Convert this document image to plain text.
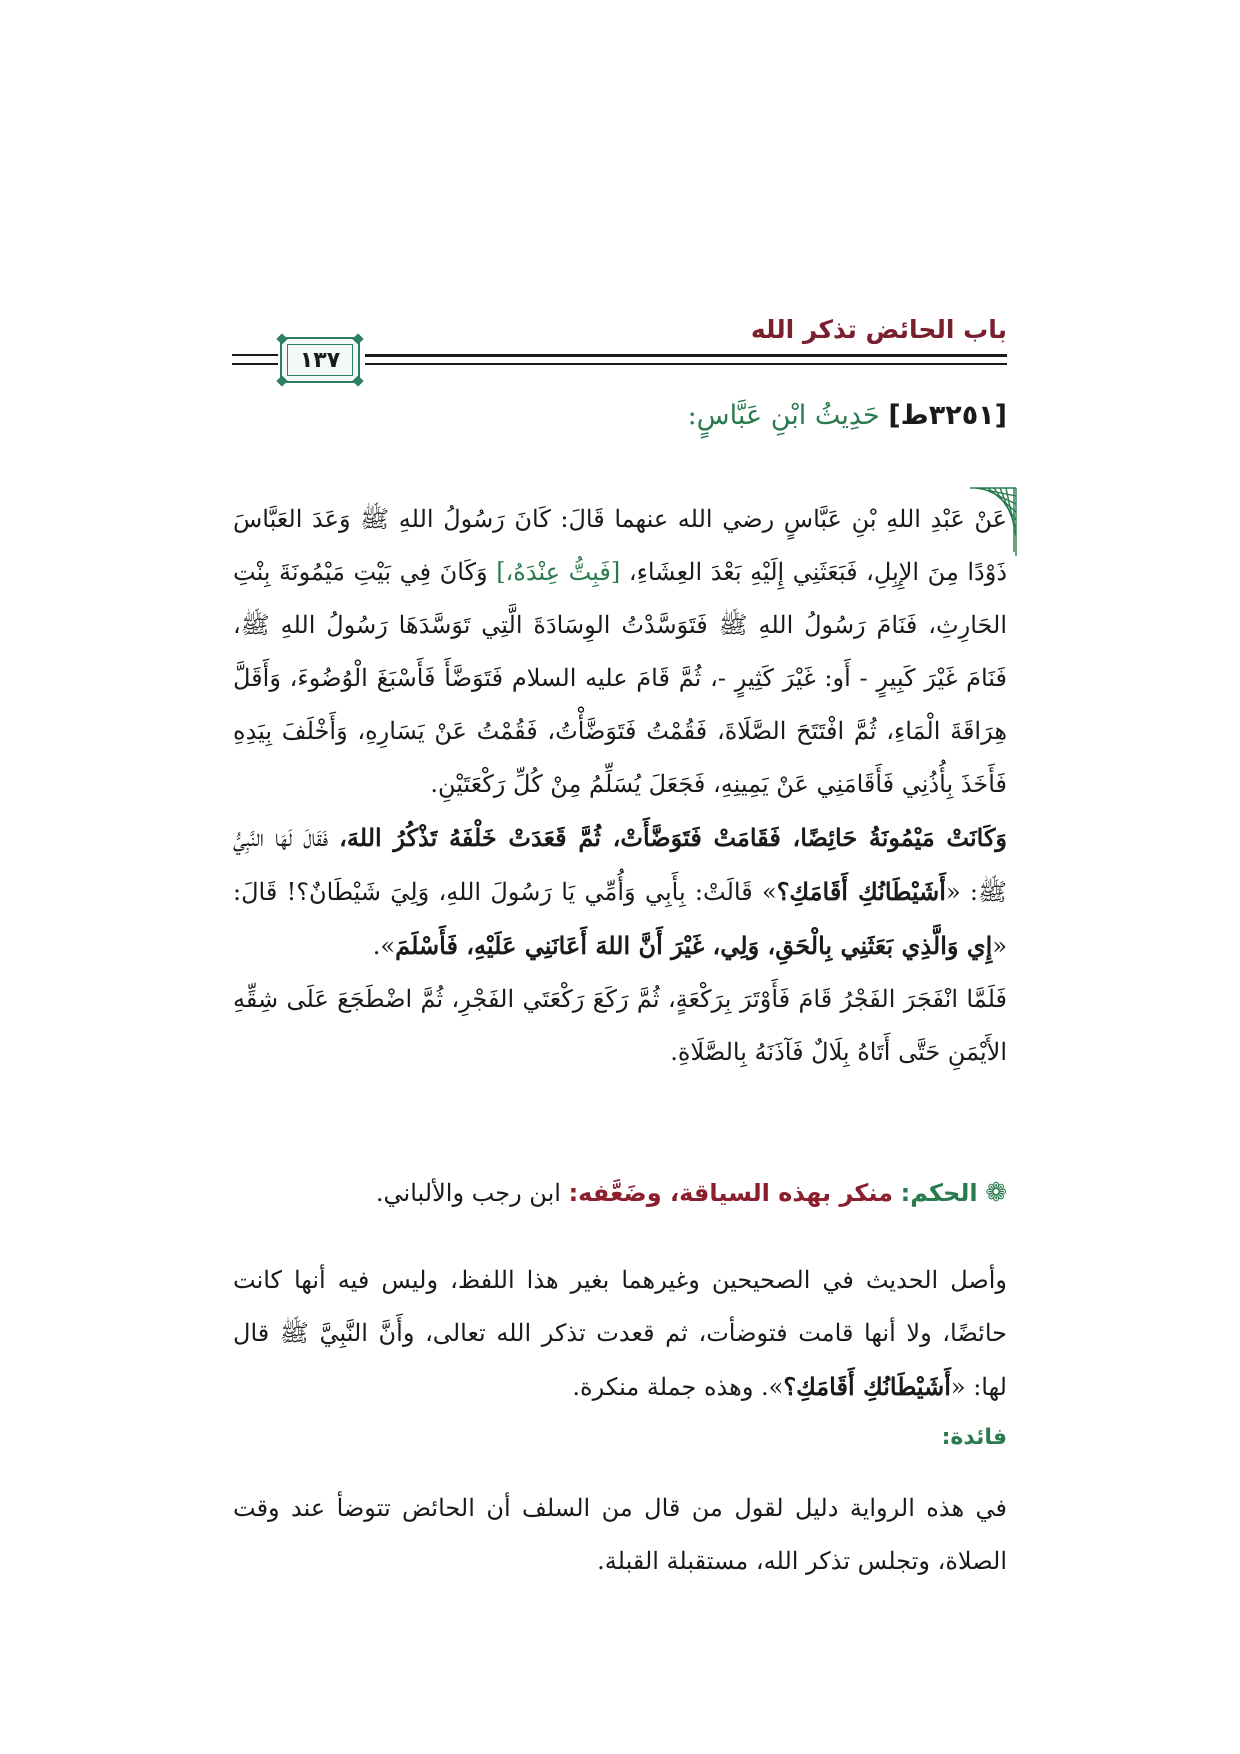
باب الحائض تذكر الله
١٣٧
[٣٢٥١ط] حَدِيثُ ابْنِ عَبَّاسٍ:

عَنْ عَبْدِ اللهِ بْنِ عَبَّاسٍ رضي الله عنهما قَالَ: كَانَ رَسُولُ اللهِ ﷺ وَعَدَ العَبَّاسَ ذَوْدًا مِنَ الإِبِلِ، فَبَعَثَنِي إِلَيْهِ بَعْدَ العِشَاءِ، [فَبِتُّ عِنْدَهُ،] وَكَانَ فِي بَيْتِ مَيْمُونَةَ بِنْتِ الحَارِثِ، فَنَامَ رَسُولُ اللهِ ﷺ فَتَوَسَّدْتُ الوِسَادَةَ الَّتِي تَوَسَّدَهَا رَسُولُ اللهِ ﷺ، فَنَامَ غَيْرَ كَبِيرٍ - أَو: غَيْرَ كَثِيرٍ -، ثُمَّ قَامَ عليه السلام فَتَوَضَّأَ فَأَسْبَغَ الْوُضُوءَ، وَأَقَلَّ هِرَاقَةَ الْمَاءِ، ثُمَّ افْتَتَحَ الصَّلَاةَ، فَقُمْتُ فَتَوَضَّأْتُ، فَقُمْتُ عَنْ يَسَارِهِ، وَأَخْلَفَ بِيَدِهِ فَأَخَذَ بِأُذُنِي فَأَقَامَنِي عَنْ يَمِينِهِ، فَجَعَلَ يُسَلِّمُ مِنْ كُلِّ رَكْعَتَيْنِ.

وَكَانَتْ مَيْمُونَةُ حَائِضًا، فَقَامَتْ فَتَوَضَّأَتْ، ثُمَّ قَعَدَتْ خَلْفَهُ تَذْكُرُ اللهَ، فَقَالَ لَهَا النَّبِيُّ ﷺ: «أَشَيْطَانُكِ أَقَامَكِ؟» قَالَتْ: بِأَبِي وَأُمِّي يَا رَسُولَ اللهِ، وَلِيَ شَيْطَانٌ؟! قَالَ: «إِي وَالَّذِي بَعَثَنِي بِالْحَقِ، وَلِي، غَيْرَ أَنَّ اللهَ أَعَانَنِي عَلَيْهِ، فَأَسْلَمَ».

فَلَمَّا انْفَجَرَ الفَجْرُ قَامَ فَأَوْتَرَ بِرَكْعَةٍ، ثُمَّ رَكَعَ رَكْعَتَي الفَجْرِ، ثُمَّ اضْطَجَعَ عَلَى شِقِّهِ الأَيْمَنِ حَتَّى أَتَاهُ بِلَالٌ فَآذَنَهُ بِالصَّلَاةِ.

❁ الحكم: منكر بهذه السياقة، وضَعَّفه: ابن رجب والألباني.
وأصل الحديث في الصحيحين وغيرهما بغير هذا اللفظ، وليس فيه أنها كانت حائضًا، ولا أنها قامت فتوضأت، ثم قعدت تذكر الله تعالى، وأَنَّ النَّبِيَّ ﷺ قال لها: «أَشَيْطَانُكِ أَقَامَكِ؟». وهذه جملة منكرة.
فائدة:
في هذه الرواية دليل لقول من قال من السلف أن الحائض تتوضأ عند وقت الصلاة، وتجلس تذكر الله، مستقبلة القبلة.
